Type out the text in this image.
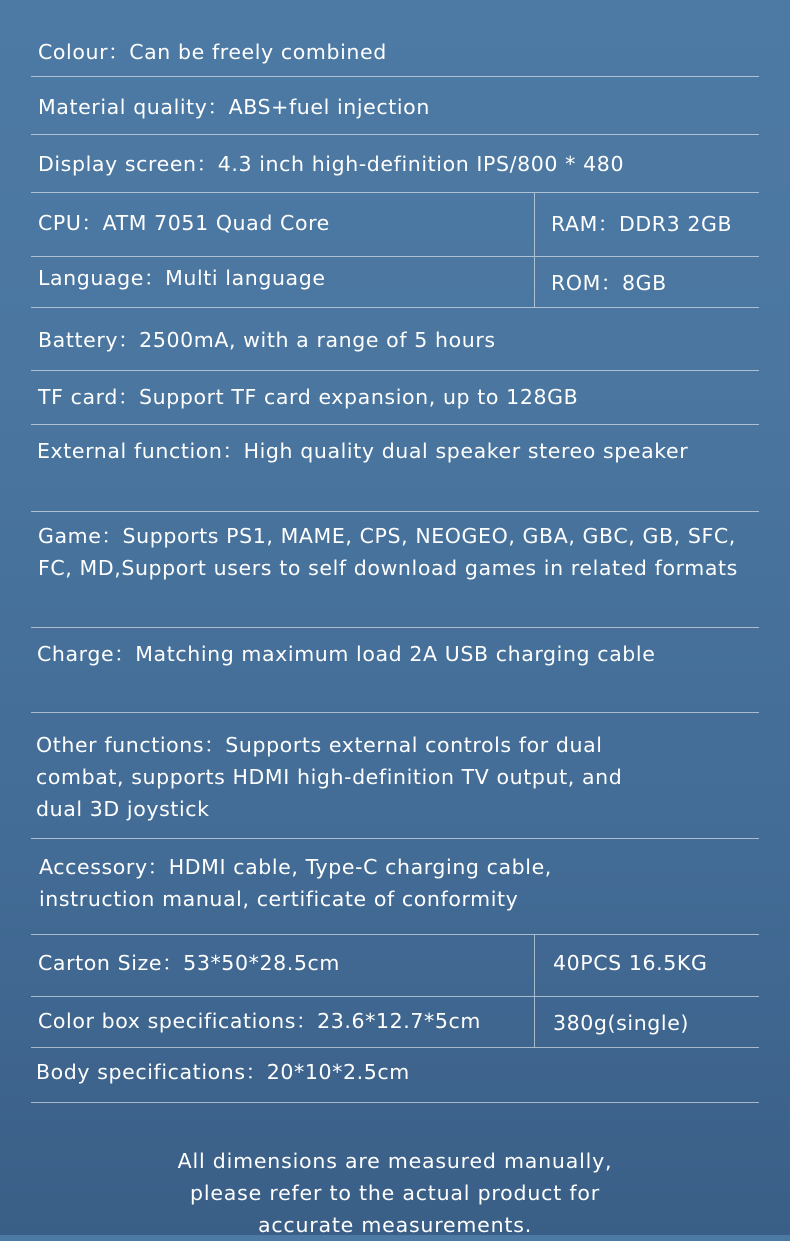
Colour：Can be freely combined
Material quality：ABS+fuel injection
Display screen：4.3 inch high-definition IPS/800 * 480
CPU：ATM 7051 Quad Core	RAM：DDR3 2GB
Language：Multi language	ROM：8GB
Battery：2500mA, with a range of 5 hours
TF card：Support TF card expansion, up to 128GB
External function：High quality dual speaker stereo speaker
Game：Supports PS1, MAME, CPS, NEOGEO, GBA, GBC, GB, SFC, FC, MD,Support users to self download games in related formats
Charge：Matching maximum load 2A USB charging cable
Other functions：Supports external controls for dual combat, supports HDMI high-definition TV output, and dual 3D joystick
Accessory：HDMI cable, Type-C charging cable, instruction manual, certificate of conformity
Carton Size：53*50*28.5cm	40PCS 16.5KG
Color box specifications：23.6*12.7*5cm	380g(single)
Body specifications：20*10*2.5cm
All dimensions are measured manually,
please refer to the actual product for
accurate measurements.
